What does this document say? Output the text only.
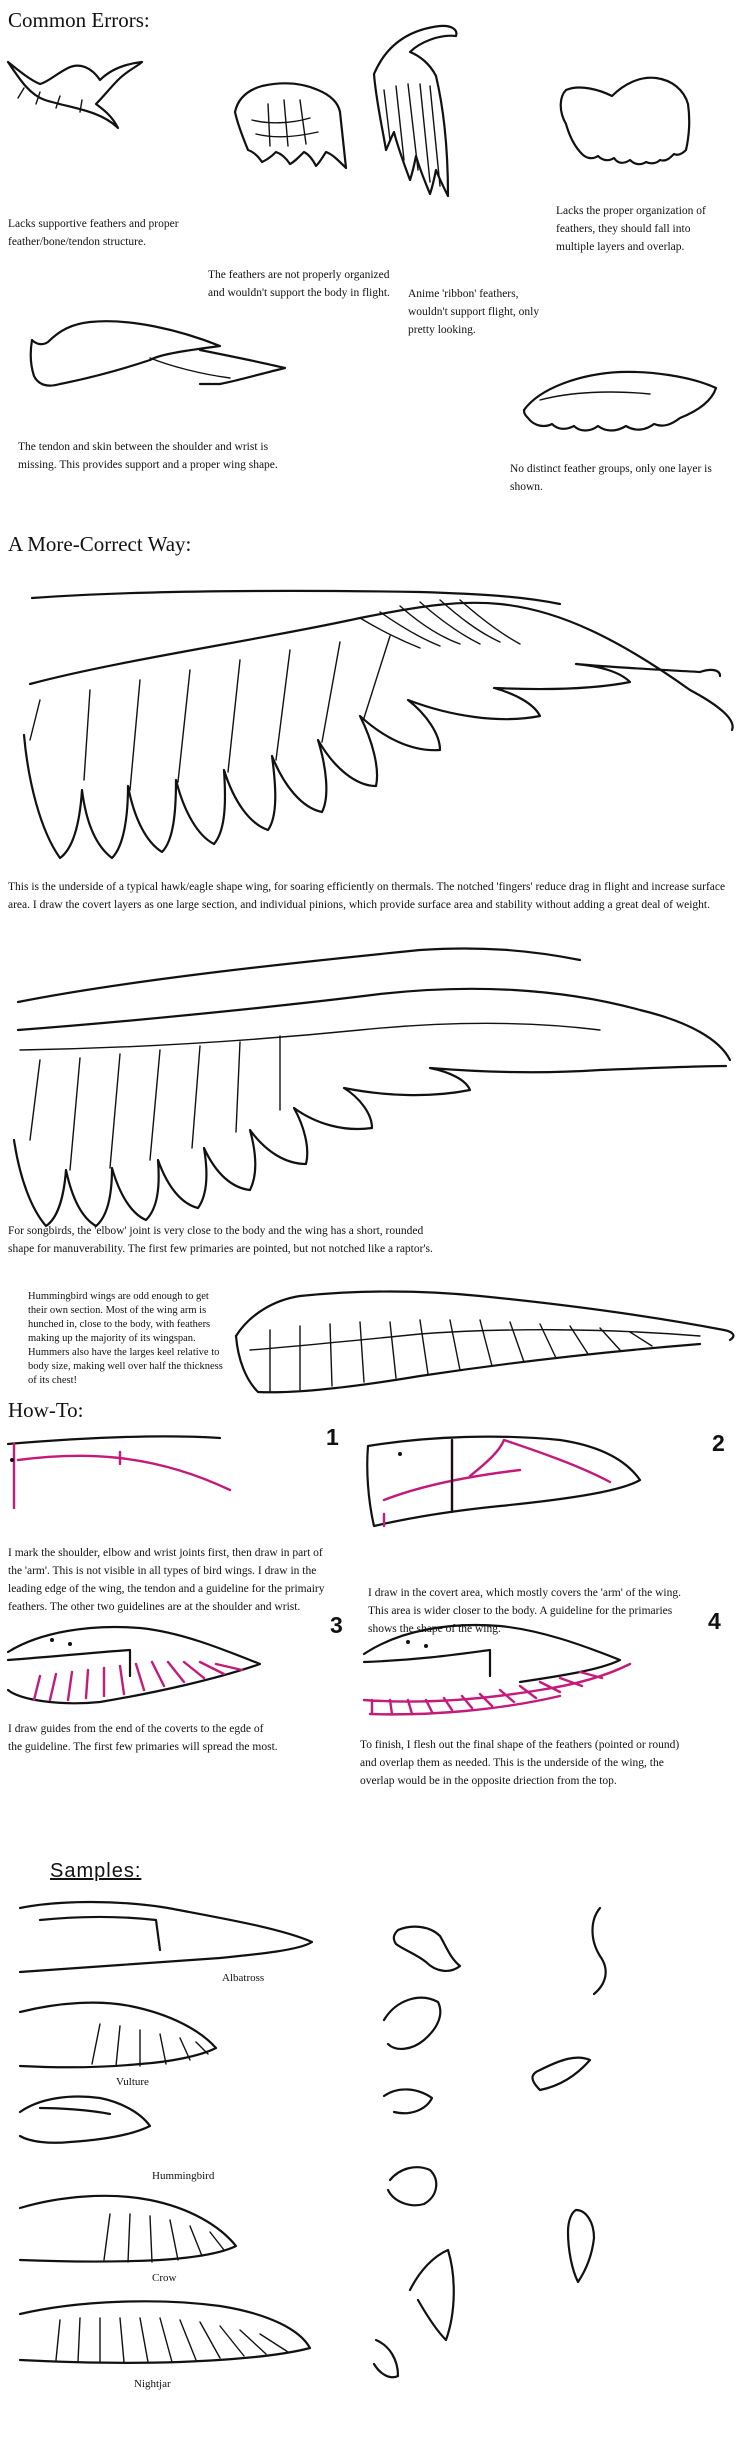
Common Errors:
Lacks supportive feathers and proper feather/bone/tendon structure.
The feathers are not properly organized and wouldn't support the body in flight.	Anime 'ribbon' feathers, wouldn't support flight, only pretty looking.
Lacks the proper organization of feathers, they should fall into multiple layers and overlap.
The tendon and skin between the shoulder and wrist is missing. This provides support and a proper wing shape.	No distinct feather groups, only one layer is shown.
A More-Correct Way:
This is the underside of a typical hawk/eagle shape wing, for soaring efficiently on thermals. The notched 'fingers' reduce drag in flight and increase surface area. I draw the covert layers as one large section, and individual pinions, which provide surface area and stability without adding a great deal of weight.
For songbirds, the 'elbow' joint is very close to the body and the wing has a short, rounded shape for manuverability. The first few primaries are pointed, but not notched like a raptor's.
Hummingbird wings are odd enough to get their own section. Most of the wing arm is hunched in, close to the body, with feathers making up the majority of its wingspan. Hummers also have the larges keel relative to body size, making well over half the thickness of its chest!
How-To:
I mark the shoulder, elbow and wrist joints first, then draw in part of the 'arm'. This is not visible in all types of bird wings. I draw in the leading edge of the wing, the tendon and a guideline for the primairy feathers. The other two guidelines are at the shoulder and wrist.
1	2
I draw in the covert area, which mostly covers the 'arm' of the wing. This area is wider closer to the body. A guideline for the primaries shows the shape of the wing.
3
I draw guides from the end of the coverts to the egde of the guideline. The first few primaries will spread the most.
4
To finish, I flesh out the final shape of the feathers (pointed or round) and overlap them as needed. This is the underside of the wing, the overlap would be in the opposite driection from the top.
Samples:
Albatross
Vulture
Hummingbird
Crow
Nightjar
